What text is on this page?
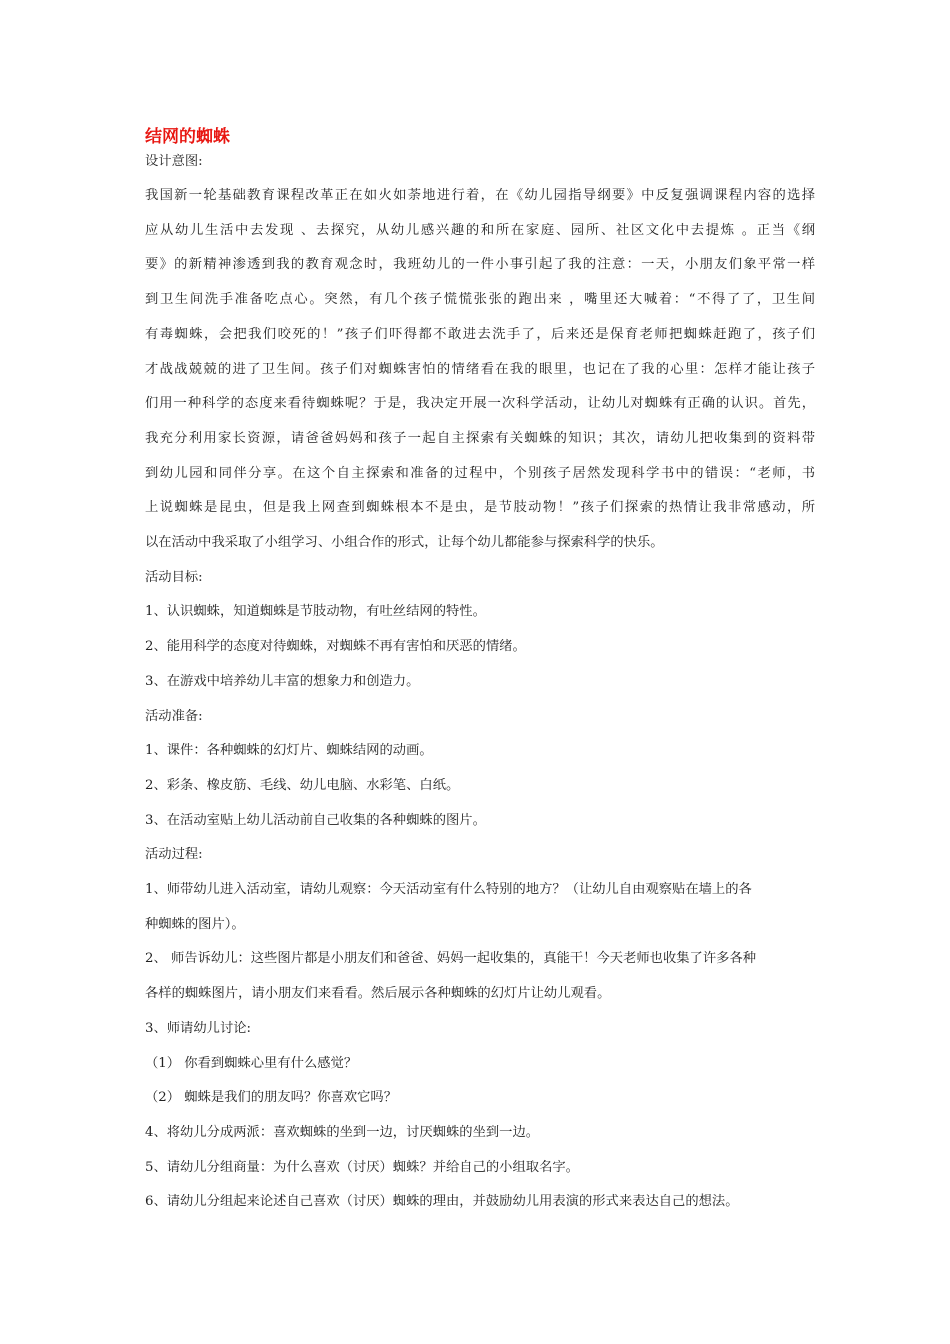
结网的蜘蛛

设计意图:

我国新一轮基础教育课程改革正在如火如荼地进行着，在《幼儿园指导纲要》中反复强调课程内容的选择

应从幼儿生活中去发现 、去探究，从幼儿感兴趣的和所在家庭、园所、社区文化中去提炼 。正当《纲

要》的新精神渗透到我的教育观念时，我班幼儿的一件小事引起了我的注意：一天，小朋友们象平常一样

到卫生间洗手准备吃点心。突然，有几个孩子慌慌张张的跑出来 ，嘴里还大喊着：“不得了了，卫生间

有毒蜘蛛，会把我们咬死的！”孩子们吓得都不敢进去洗手了，后来还是保育老师把蜘蛛赶跑了，孩子们

才战战兢兢的进了卫生间。孩子们对蜘蛛害怕的情绪看在我的眼里，也记在了我的心里：怎样才能让孩子

们用一种科学的态度来看待蜘蛛呢？于是，我决定开展一次科学活动，让幼儿对蜘蛛有正确的认识。首先，

我充分利用家长资源，请爸爸妈妈和孩子一起自主探索有关蜘蛛的知识；其次，请幼儿把收集到的资料带

到幼儿园和同伴分享。在这个自主探索和准备的过程中，个别孩子居然发现科学书中的错误：“老师，书

上说蜘蛛是昆虫，但是我上网查到蜘蛛根本不是虫，是节肢动物！”孩子们探索的热情让我非常感动，所

以在活动中我采取了小组学习、小组合作的形式，让每个幼儿都能参与探索科学的快乐。

活动目标:

1、认识蜘蛛，知道蜘蛛是节肢动物，有吐丝结网的特性。

2、能用科学的态度对待蜘蛛，对蜘蛛不再有害怕和厌恶的情绪。

3、在游戏中培养幼儿丰富的想象力和创造力。

活动准备:

1、课件：各种蜘蛛的幻灯片、蜘蛛结网的动画。

2、彩条、橡皮筋、毛线、幼儿电脑、水彩笔、白纸。

3、在活动室贴上幼儿活动前自己收集的各种蜘蛛的图片。

活动过程:

1、师带幼儿进入活动室，请幼儿观察：今天活动室有什么特别的地方？（让幼儿自由观察贴在墙上的各

种蜘蛛的图片）。

2、 师告诉幼儿：这些图片都是小朋友们和爸爸、妈妈一起收集的，真能干！今天老师也收集了许多各种

各样的蜘蛛图片，请小朋友们来看看。然后展示各种蜘蛛的幻灯片让幼儿观看。

3、师请幼儿讨论:

（1） 你看到蜘蛛心里有什么感觉？

（2） 蜘蛛是我们的朋友吗？你喜欢它吗？

4、将幼儿分成两派：喜欢蜘蛛的坐到一边，讨厌蜘蛛的坐到一边。

5、请幼儿分组商量：为什么喜欢（讨厌）蜘蛛？并给自己的小组取名字。

6、请幼儿分组起来论述自己喜欢（讨厌）蜘蛛的理由，并鼓励幼儿用表演的形式来表达自己的想法。
